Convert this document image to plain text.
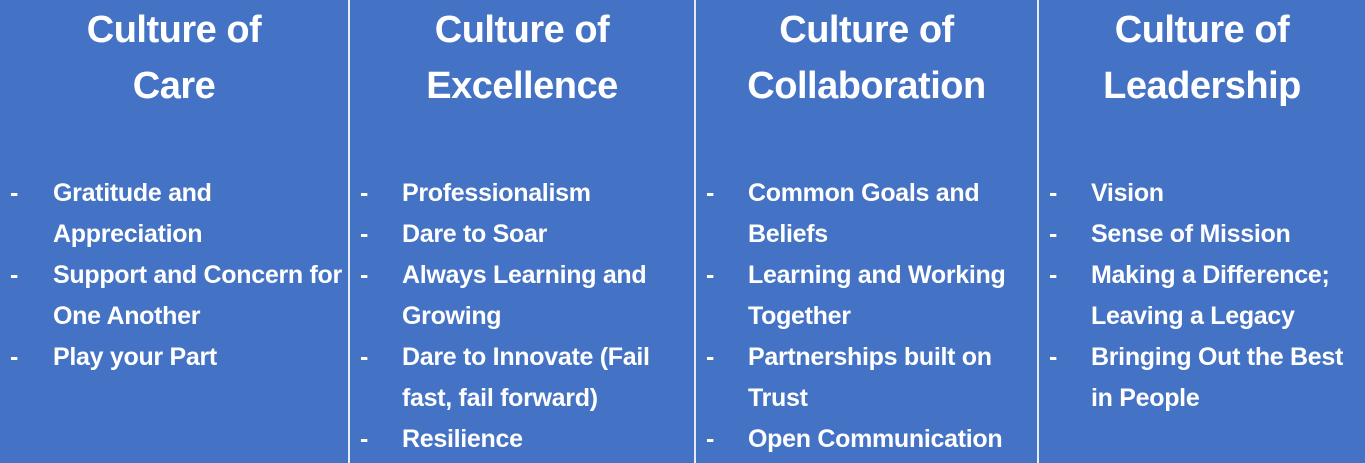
Culture of
Care
-	Gratitude and Appreciation
-	Support and Concern for One Another
-	Play your Part
Culture of
Excellence
-	Professionalism
-	Dare to Soar
-	Always Learning and Growing
-	Dare to Innovate (Fail fast, fail forward)
-	Resilience
Culture of
Collaboration
-	Common Goals and Beliefs
-	Learning and Working Together
-	Partnerships built on Trust
-	Open Communication
Culture of
Leadership
-	Vision
-	Sense of Mission
-	Making a Difference; Leaving a Legacy
-	Bringing Out the Best in People
